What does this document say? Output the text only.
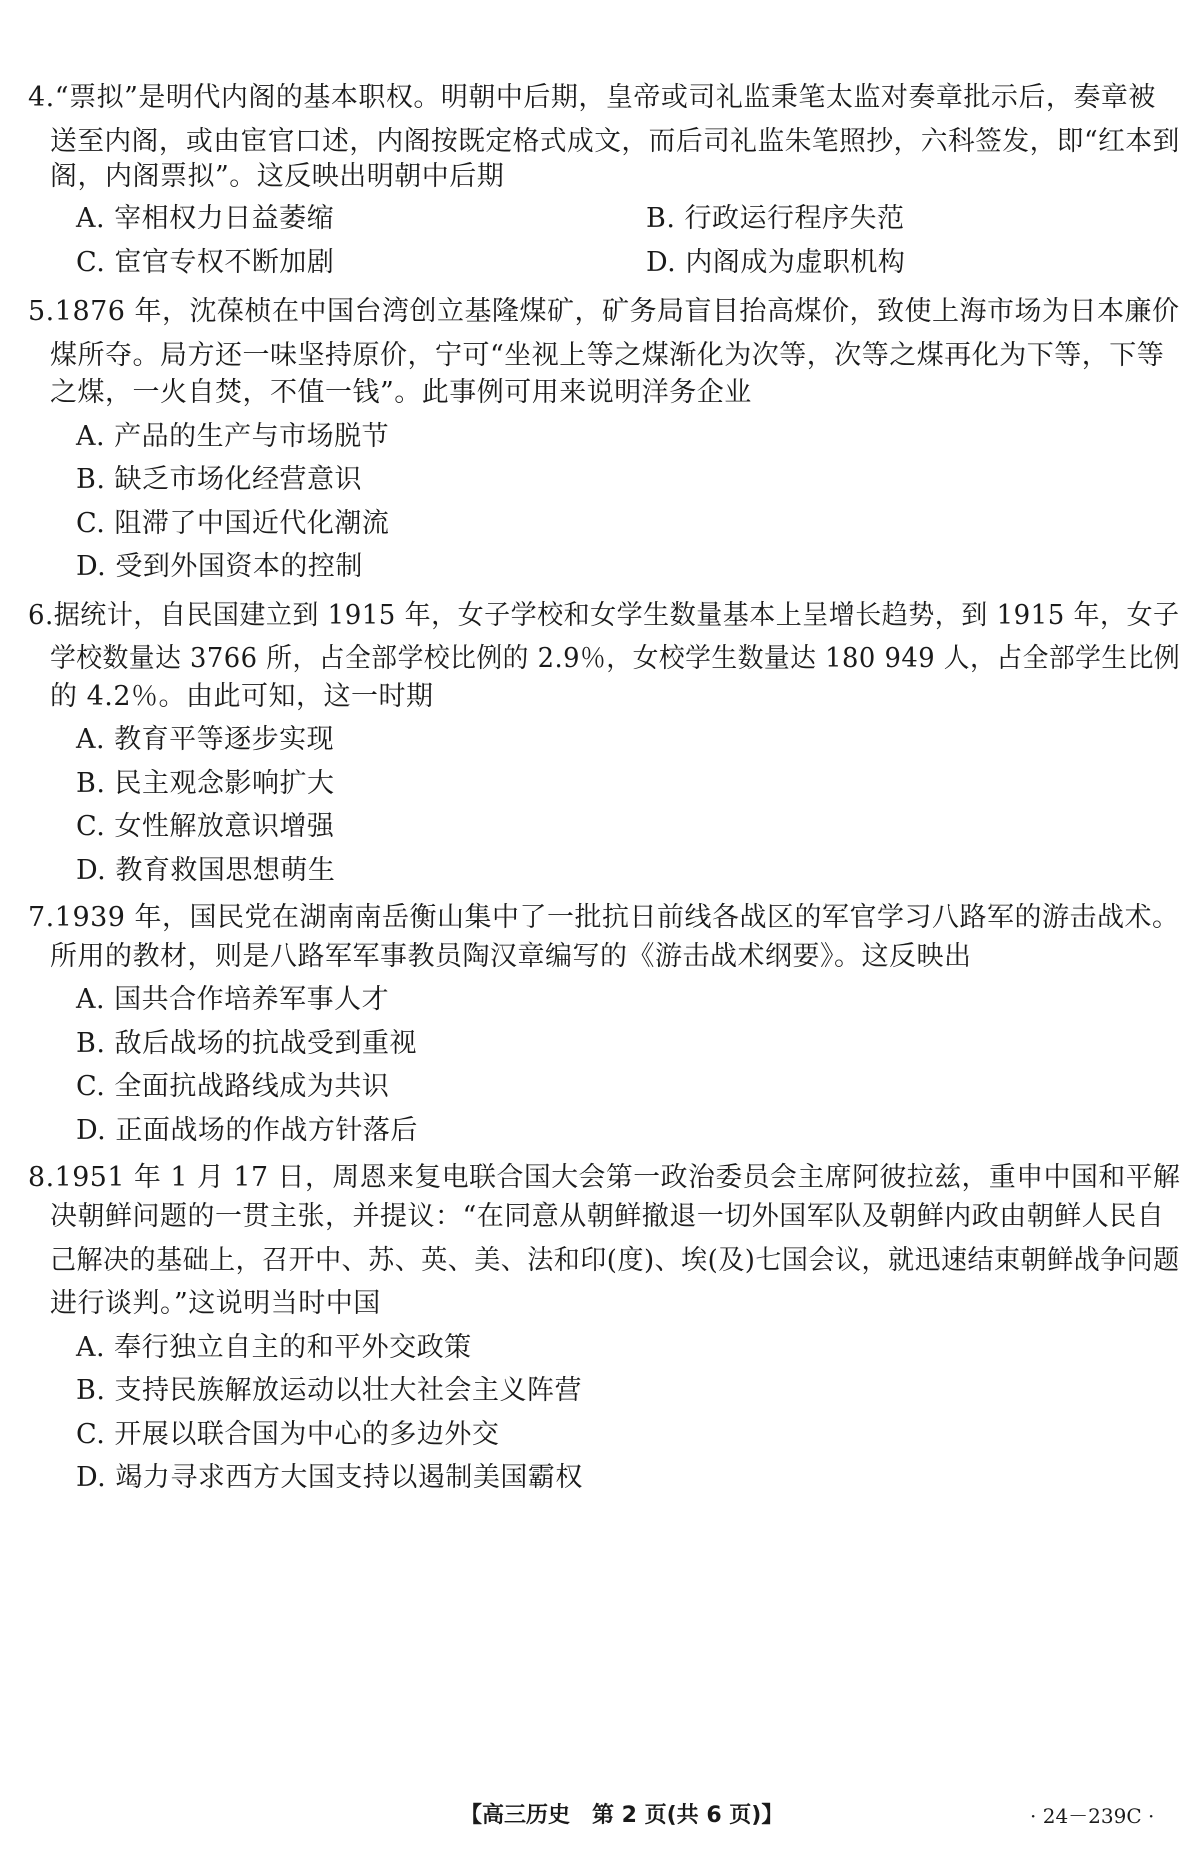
4.“票拟”是明代内阁的基本职权。明朝中后期，皇帝或司礼监秉笔太监对奏章批示后，奏章被
送至内阁，或由宦官口述，内阁按既定格式成文，而后司礼监朱笔照抄，六科签发，即“红本到
阁，内阁票拟”。这反映出明朝中后期
A. 宰相权力日益萎缩	B. 行政运行程序失范
C. 宦官专权不断加剧	D. 内阁成为虚职机构
5.1876 年，沈葆桢在中国台湾创立基隆煤矿，矿务局盲目抬高煤价，致使上海市场为日本廉价
煤所夺。局方还一味坚持原价，宁可“坐视上等之煤渐化为次等，次等之煤再化为下等，下等
之煤，一火自焚，不值一钱”。此事例可用来说明洋务企业
A. 产品的生产与市场脱节
B. 缺乏市场化经营意识
C. 阻滞了中国近代化潮流
D. 受到外国资本的控制
6.据统计，自民国建立到 1915 年，女子学校和女学生数量基本上呈增长趋势，到 1915 年，女子
学校数量达 3766 所，占全部学校比例的 2.9％，女校学生数量达 180 949 人，占全部学生比例
的 4.2％。由此可知，这一时期
A. 教育平等逐步实现
B. 民主观念影响扩大
C. 女性解放意识增强
D. 教育救国思想萌生
7.1939 年，国民党在湖南南岳衡山集中了一批抗日前线各战区的军官学习八路军的游击战术。
所用的教材，则是八路军军事教员陶汉章编写的《游击战术纲要》。这反映出
A. 国共合作培养军事人才
B. 敌后战场的抗战受到重视
C. 全面抗战路线成为共识
D. 正面战场的作战方针落后
8.1951 年 1 月 17 日，周恩来复电联合国大会第一政治委员会主席阿彼拉兹，重申中国和平解
决朝鲜问题的一贯主张，并提议：“在同意从朝鲜撤退一切外国军队及朝鲜内政由朝鲜人民自
己解决的基础上，召开中、苏、英、美、法和印(度)、埃(及)七国会议，就迅速结束朝鲜战争问题
进行谈判。”这说明当时中国
A. 奉行独立自主的和平外交政策
B. 支持民族解放运动以壮大社会主义阵营
C. 开展以联合国为中心的多边外交
D. 竭力寻求西方大国支持以遏制美国霸权
【高三历史　第 2 页(共 6 页)】	· 24－239C ·
